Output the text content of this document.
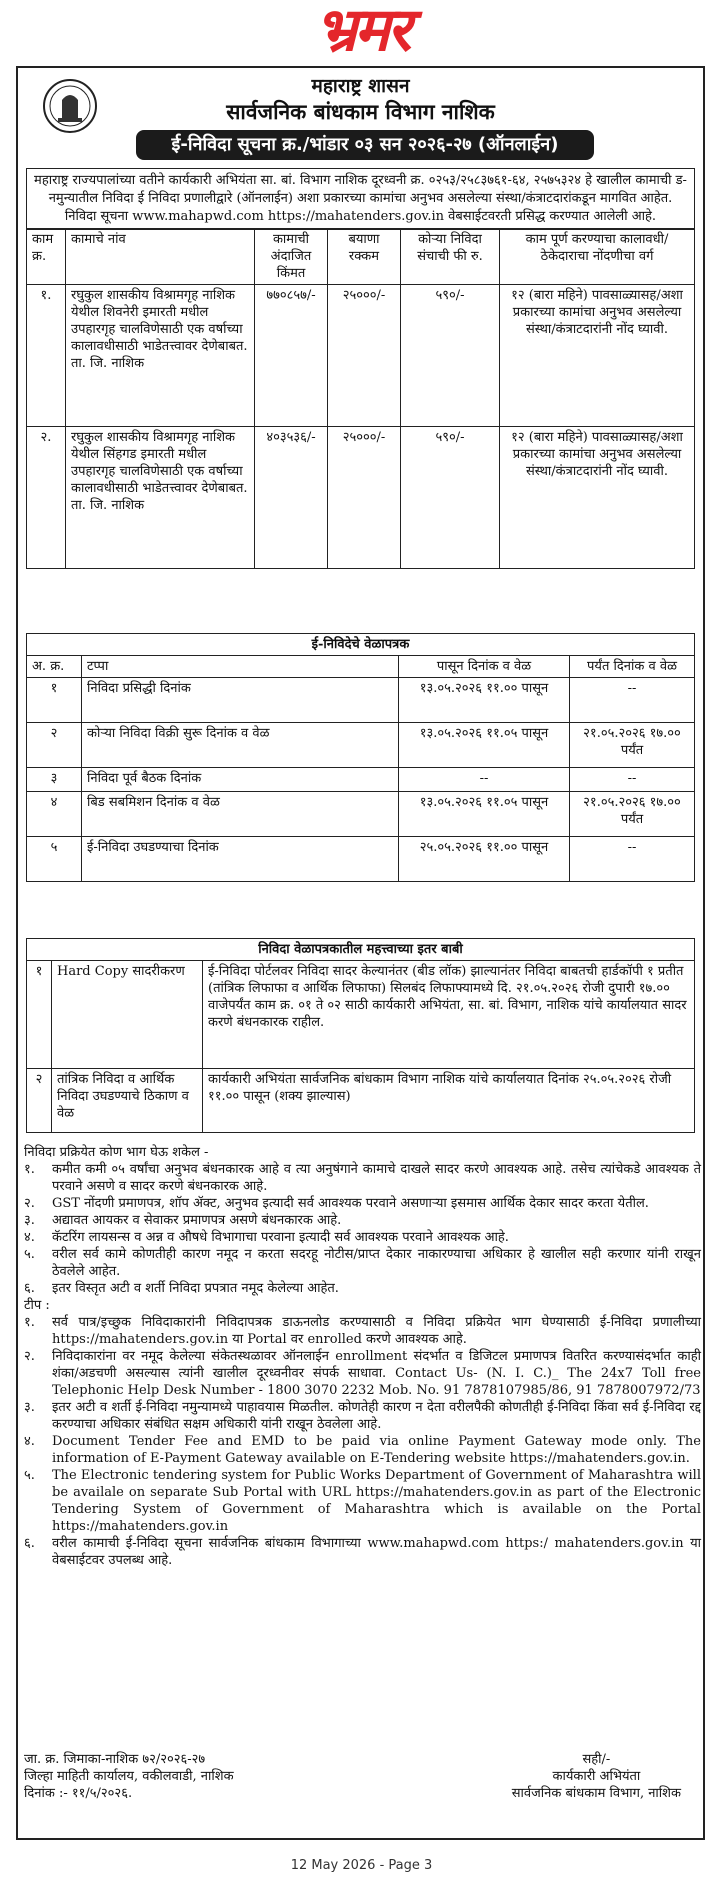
भ्रमर
महाराष्ट्र शासन
सार्वजनिक बांधकाम विभाग नाशिक
ई-निविदा सूचना क्र./भांडार ०३ सन २०२६-२७ (ऑनलाईन)
महाराष्ट्र राज्यपालांच्या वतीने कार्यकारी अभियंता सा. बां. विभाग नाशिक दूरध्वनी क्र. ०२५३/२५८३७६१-६४, २५७५३२४ हे खालील कामाची ड-नमुन्यातील निविदा ई निविदा प्रणालीद्वारे (ऑनलाईन) अशा प्रकारच्या कामांचा अनुभव असलेल्या संस्था/कंत्राटदारांकडून मागवित आहेत. निविदा सूचना www.mahapwd.com https://mahatenders.gov.in वेबसाईटवरती प्रसिद्ध करण्यात आलेली आहे.
काम क्र.	कामाचे नांव	कामाची अंदाजित किंमत	बयाणा रक्कम	कोऱ्या निविदा संचाची फी रु.	काम पूर्ण करण्याचा कालावधी/ठेकेदाराचा नोंदणीचा वर्ग
१.	रघुकुल शासकीय विश्रामगृह नाशिक येथील शिवनेरी इमारती मधील उपहारगृह चालविणेसाठी एक वर्षाच्या कालावधीसाठी भाडेतत्त्वावर देणेबाबत. ता. जि. नाशिक	७७०८५७/-	२५०००/-	५९०/-	१२ (बारा महिने) पावसाळ्यासह/अशा प्रकारच्या कामांचा अनुभव असलेल्या संस्था/कंत्राटदारांनी नोंद घ्यावी.
२.	रघुकुल शासकीय विश्रामगृह नाशिक येथील सिंहगड इमारती मधील उपहारगृह चालविणेसाठी एक वर्षाच्या कालावधीसाठी भाडेतत्त्वावर देणेबाबत. ता. जि. नाशिक	४०३५३६/-	२५०००/-	५९०/-	१२ (बारा महिने) पावसाळ्यासह/अशा प्रकारच्या कामांचा अनुभव असलेल्या संस्था/कंत्राटदारांनी नोंद घ्यावी.
ई-निविदेचे वेळापत्रक			
अ. क्र.	टप्पा	पासून दिनांक व वेळ	पर्यंत दिनांक व वेळ
१	निविदा प्रसिद्धी दिनांक	१३.०५.२०२६ ११.०० पासून	--
२	कोऱ्या निविदा विक्री सुरू दिनांक व वेळ	१३.०५.२०२६ ११.०५ पासून	२१.०५.२०२६ १७.०० पर्यंत
३	निविदा पूर्व बैठक दिनांक	--	--
४	बिड सबमिशन दिनांक व वेळ	१३.०५.२०२६ ११.०५ पासून	२१.०५.२०२६ १७.०० पर्यंत
५	ई-निविदा उघडण्याचा दिनांक	२५.०५.२०२६ ११.०० पासून	--
निविदा वेळापत्रकातील महत्त्वाच्या इतर बाबी		
१	Hard Copy सादरीकरण	ई-निविदा पोर्टलवर निविदा सादर केल्यानंतर (बीड लॉक) झाल्यानंतर निविदा बाबतची हार्डकॉपी १ प्रतीत (तांत्रिक लिफाफा व आर्थिक लिफाफा) सिलबंद लिफाफ्यामध्ये दि. २१.०५.२०२६ रोजी दुपारी १७.०० वाजेपर्यंत काम क्र. ०१ ते ०२ साठी कार्यकारी अभियंता, सा. बां. विभाग, नाशिक यांचे कार्यालयात सादर करणे बंधनकारक राहील.
२	तांत्रिक निविदा व आर्थिक निविदा उघडण्याचे ठिकाण व वेळ	कार्यकारी अभियंता सार्वजनिक बांधकाम विभाग नाशिक यांचे कार्यालयात दिनांक २५.०५.२०२६ रोजी ११.०० पासून (शक्य झाल्यास)
निविदा प्रक्रियेत कोण भाग घेऊ शकेल -
१.	कमीत कमी ०५ वर्षांचा अनुभव बंधनकारक आहे व त्या अनुषंगाने कामाचे दाखले सादर करणे आवश्यक आहे. तसेच त्यांचेकडे आवश्यक ते परवाने असणे व सादर करणे बंधनकारक आहे.
२.	GST नोंदणी प्रमाणपत्र, शॉप ॲक्ट, अनुभव इत्यादी सर्व आवश्यक परवाने असणाऱ्या इसमास आर्थिक देकार सादर करता येतील.
३.	अद्यावत आयकर व सेवाकर प्रमाणपत्र असणे बंधनकारक आहे.
४.	कॅटरिंग लायसन्स व अन्न व औषधे विभागाचा परवाना इत्यादी सर्व आवश्यक परवाने आवश्यक आहे.
५.	वरील सर्व कामे कोणतीही कारण नमूद न करता सदरहू नोटीस/प्राप्त देकार नाकारण्याचा अधिकार हे खालील सही करणार यांनी राखून ठेवलेले आहेत.
६.	इतर विस्तृत अटी व शर्ती निविदा प्रपत्रात नमूद केलेल्या आहेत.
टीप :
१.	सर्व पात्र/इच्छुक निविदाकारांनी निविदापत्रक डाऊनलोड करण्यासाठी व निविदा प्रक्रियेत भाग घेण्यासाठी ई-निविदा प्रणालीच्या https://mahatenders.gov.in या Portal वर enrolled करणे आवश्यक आहे.
२.	निविदाकारांना वर नमूद केलेल्या संकेतस्थळावर ऑनलाईन enrollment संदर्भात व डिजिटल प्रमाणपत्र वितरित करण्यासंदर्भात काही शंका/अडचणी असल्यास त्यांनी खालील दूरध्वनीवर संपर्क साधावा. Contact Us- (N. I. C.)_ The 24x7 Toll free Telephonic Help Desk Number - 1800 3070 2232 Mob. No. 91 7878107985/86, 91 7878007972/73
३.	इतर अटी व शर्ती ई-निविदा नमुन्यामध्ये पाहावयास मिळतील. कोणतेही कारण न देता वरीलपैकी कोणतीही ई-निविदा किंवा सर्व ई-निविदा रद्द करण्याचा अधिकार संबंधित सक्षम अधिकारी यांनी राखून ठेवलेला आहे.
४.	Document Tender Fee and EMD to be paid via online Payment Gateway mode only. The information of E-Payment Gateway available on E-Tendering website https://mahatenders.gov.in.
५.	The Electronic tendering system for Public Works Department of Government of Maharashtra will be availale on separate Sub Portal with URL https://mahatenders.gov.in as part of the Electronic Tendering System of Government of Maharashtra which is available on the Portal https://mahatenders.gov.in
६.	वरील कामाची ई-निविदा सूचना सार्वजनिक बांधकाम विभागाच्या www.mahapwd.com https:/ mahatenders.gov.in या वेबसाईटवर उपलब्ध आहे.
जा. क्र. जिमाका-नाशिक ७२/२०२६-२७
जिल्हा माहिती कार्यालय, वकीलवाडी, नाशिक
दिनांक :- ११/५/२०२६.
सही/-
कार्यकारी अभियंता
सार्वजनिक बांधकाम विभाग, नाशिक
12 May 2026 - Page 3
